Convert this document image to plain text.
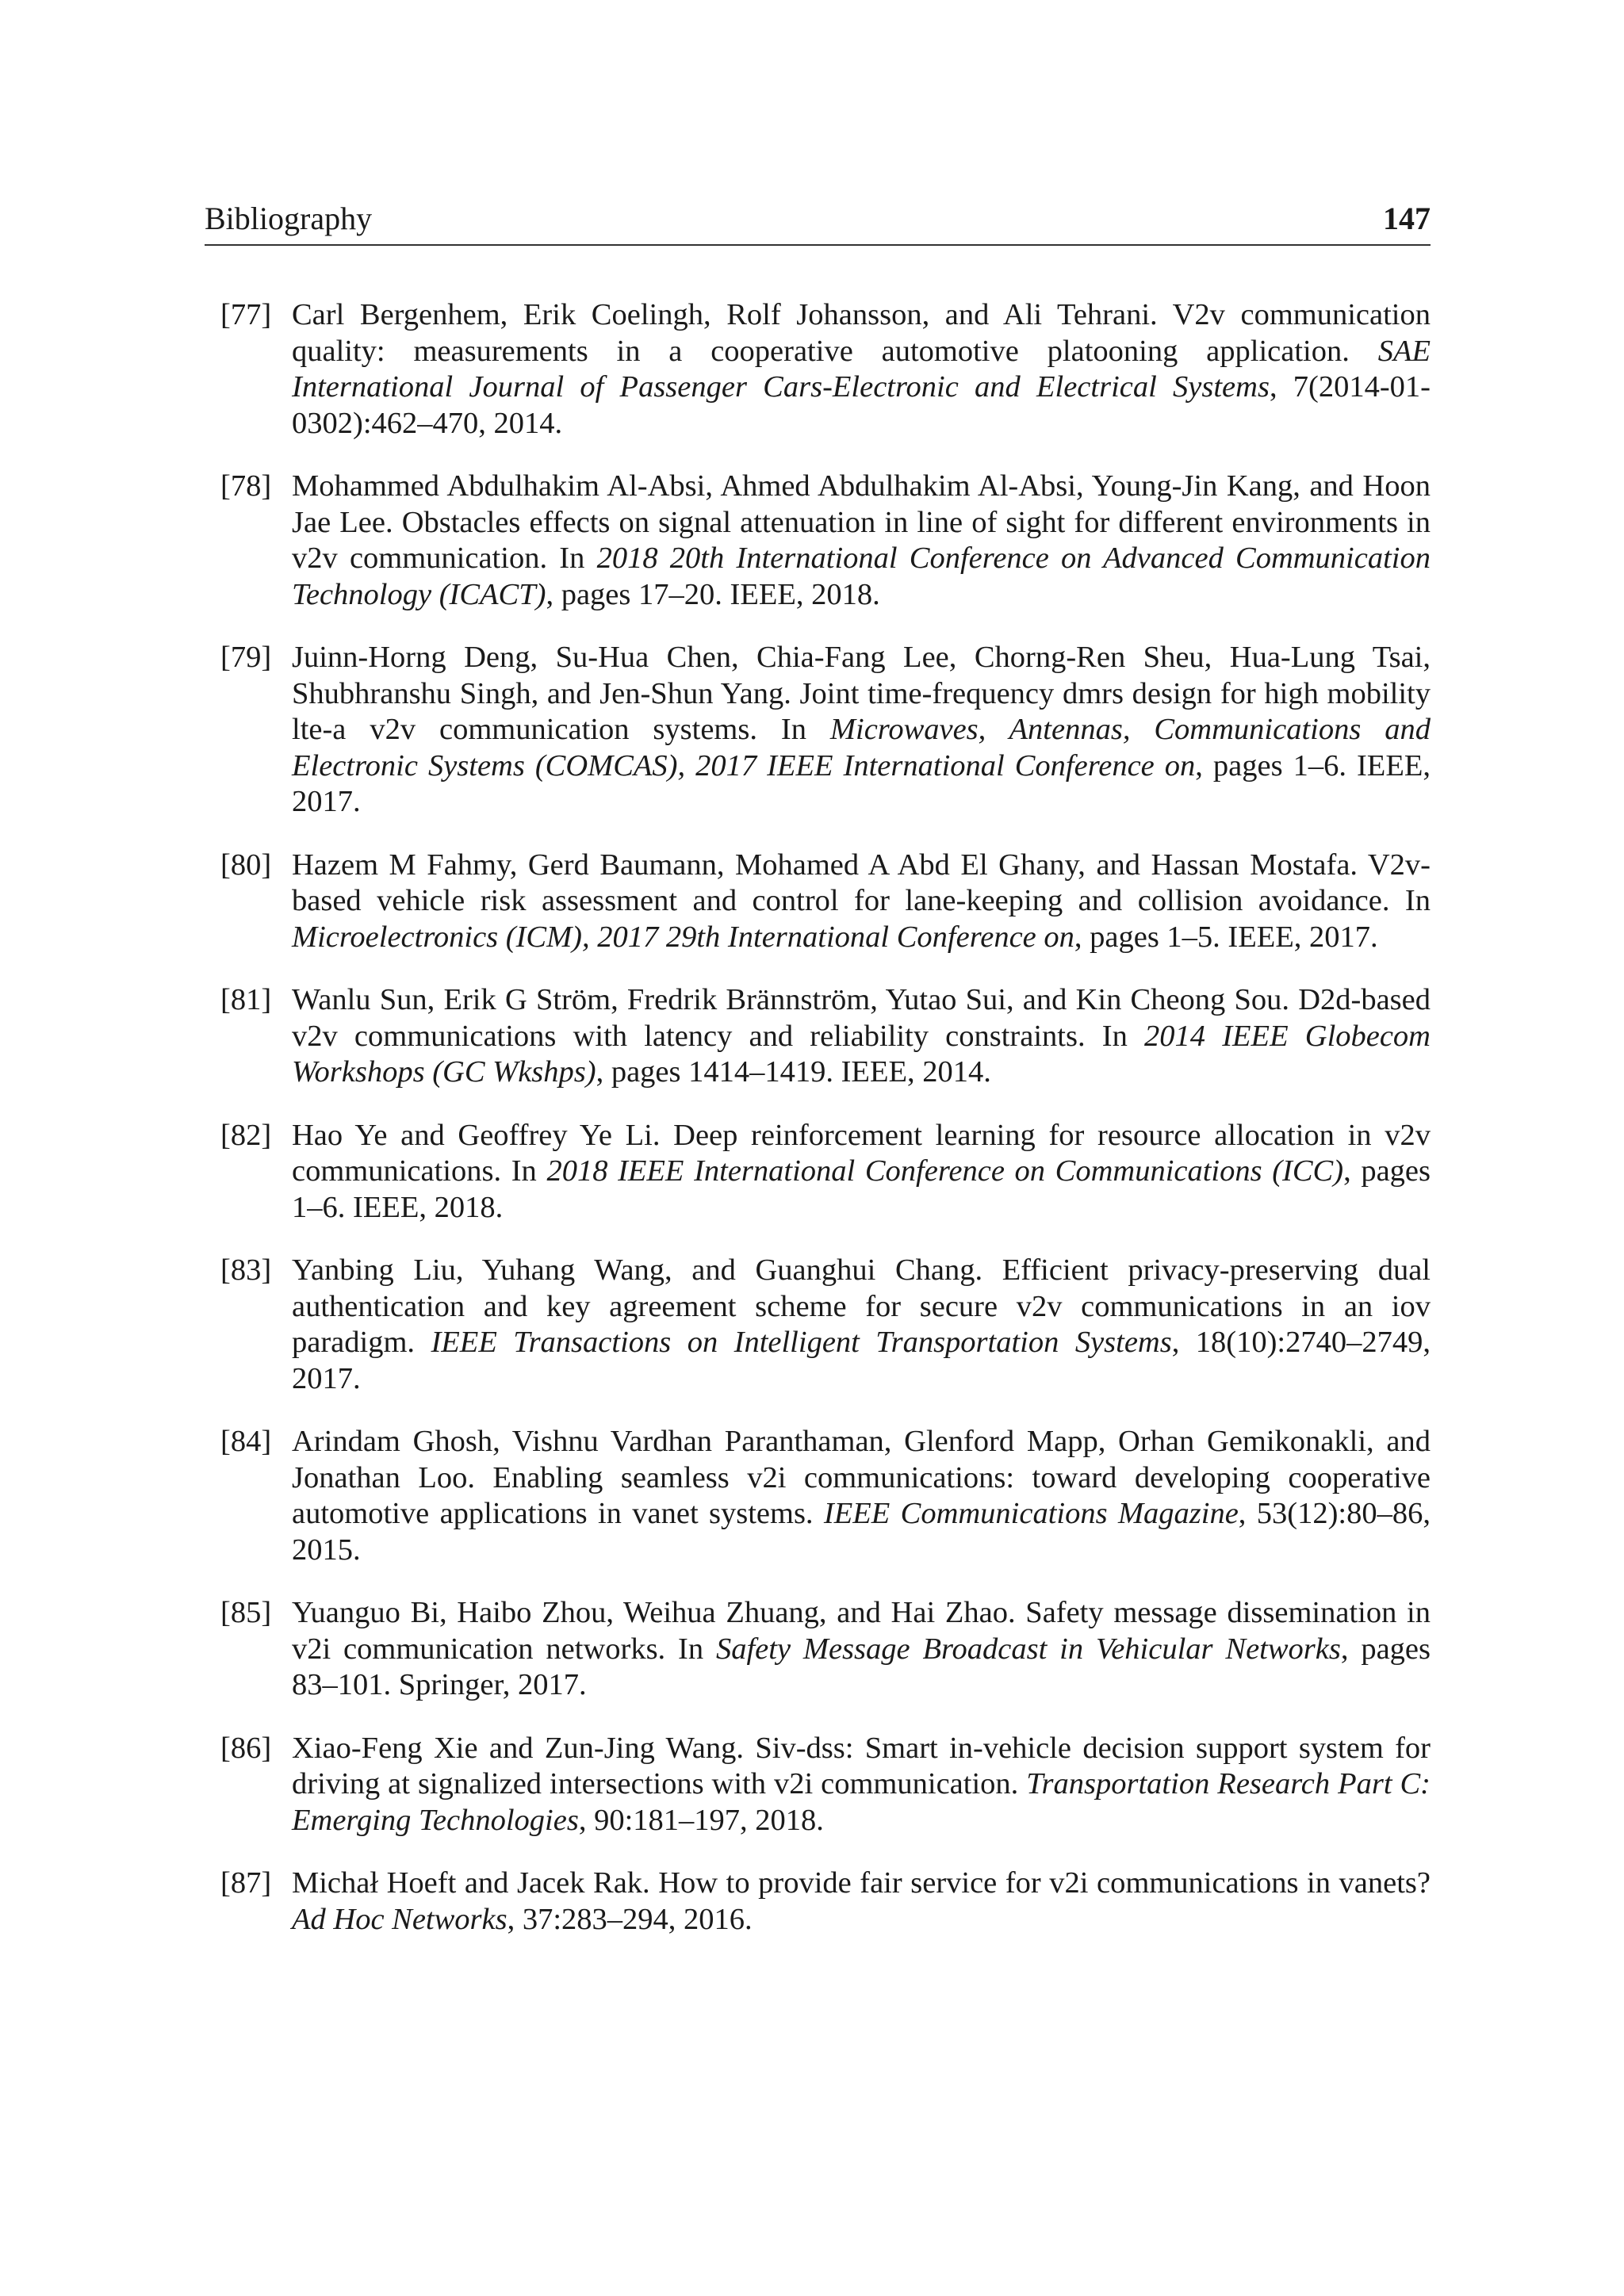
Bibliography	147
[77] Carl Bergenhem, Erik Coelingh, Rolf Johansson, and Ali Tehrani. V2v communication quality: measurements in a cooperative automotive platooning application. SAE International Journal of Passenger Cars-Electronic and Electrical Systems, 7(2014-01-0302):462–470, 2014.
[78] Mohammed Abdulhakim Al-Absi, Ahmed Abdulhakim Al-Absi, Young-Jin Kang, and Hoon Jae Lee. Obstacles effects on signal attenuation in line of sight for different environments in v2v communication. In 2018 20th International Conference on Advanced Communication Technology (ICACT), pages 17–20. IEEE, 2018.
[79] Juinn-Horng Deng, Su-Hua Chen, Chia-Fang Lee, Chorng-Ren Sheu, Hua-Lung Tsai, Shubhranshu Singh, and Jen-Shun Yang. Joint time-frequency dmrs design for high mobility lte-a v2v communication systems. In Microwaves, Antennas, Communications and Electronic Systems (COMCAS), 2017 IEEE International Conference on, pages 1–6. IEEE, 2017.
[80] Hazem M Fahmy, Gerd Baumann, Mohamed A Abd El Ghany, and Hassan Mostafa. V2v-based vehicle risk assessment and control for lane-keeping and collision avoidance. In Microelectronics (ICM), 2017 29th International Conference on, pages 1–5. IEEE, 2017.
[81] Wanlu Sun, Erik G Ström, Fredrik Brännström, Yutao Sui, and Kin Cheong Sou. D2d-based v2v communications with latency and reliability constraints. In 2014 IEEE Globecom Workshops (GC Wkshps), pages 1414–1419. IEEE, 2014.
[82] Hao Ye and Geoffrey Ye Li. Deep reinforcement learning for resource allocation in v2v communications. In 2018 IEEE International Conference on Communications (ICC), pages 1–6. IEEE, 2018.
[83] Yanbing Liu, Yuhang Wang, and Guanghui Chang. Efficient privacy-preserving dual authentication and key agreement scheme for secure v2v communications in an iov paradigm. IEEE Transactions on Intelligent Transportation Systems, 18(10):2740–2749, 2017.
[84] Arindam Ghosh, Vishnu Vardhan Paranthaman, Glenford Mapp, Orhan Gemikonakli, and Jonathan Loo. Enabling seamless v2i communications: toward developing cooperative automotive applications in vanet systems. IEEE Communications Magazine, 53(12):80–86, 2015.
[85] Yuanguo Bi, Haibo Zhou, Weihua Zhuang, and Hai Zhao. Safety message dissemination in v2i communication networks. In Safety Message Broadcast in Vehicular Networks, pages 83–101. Springer, 2017.
[86] Xiao-Feng Xie and Zun-Jing Wang. Siv-dss: Smart in-vehicle decision support system for driving at signalized intersections with v2i communication. Transportation Research Part C: Emerging Technologies, 90:181–197, 2018.
[87] Michał Hoeft and Jacek Rak. How to provide fair service for v2i communications in vanets? Ad Hoc Networks, 37:283–294, 2016.
